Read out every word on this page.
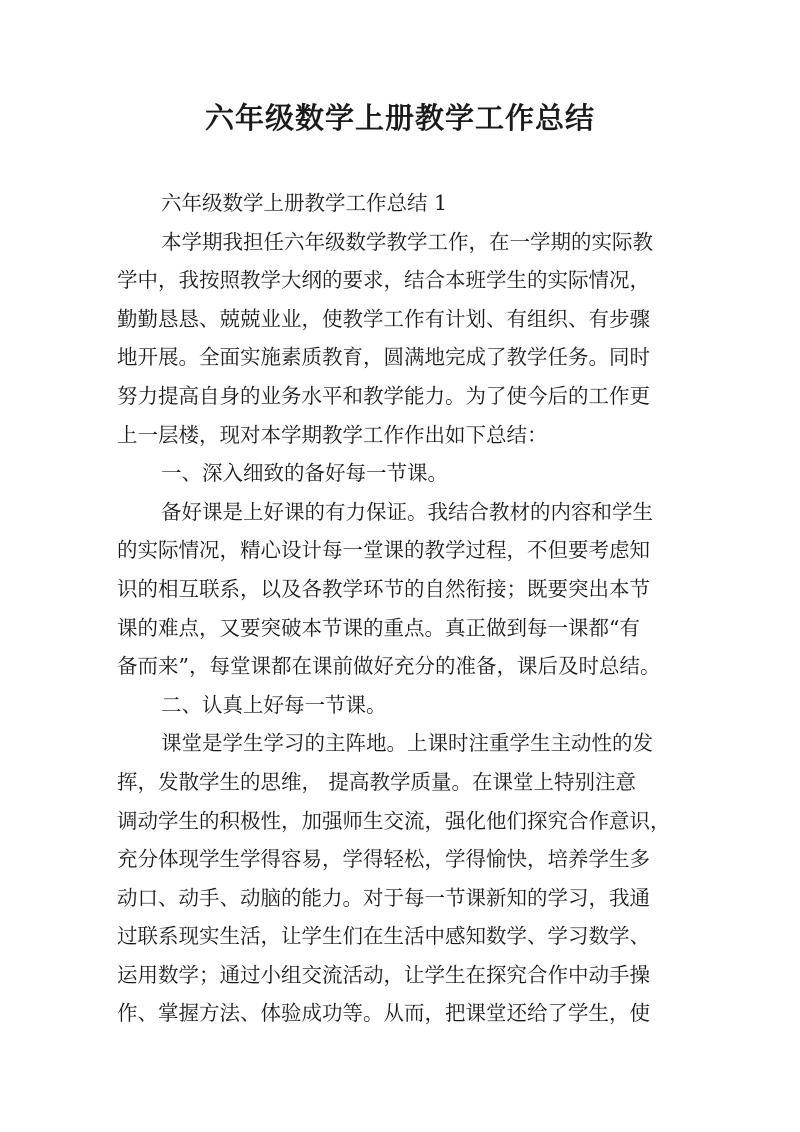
六年级数学上册教学工作总结
六年级数学上册教学工作总结 1
本学期我担任六年级数学教学工作，在一学期的实际教
学中，我按照教学大纲的要求，结合本班学生的实际情况，
勤勤恳恳、兢兢业业，使教学工作有计划、有组织、有步骤
地开展。全面实施素质教育，圆满地完成了教学任务。同时
努力提高自身的业务水平和教学能力。为了使今后的工作更
上一层楼，现对本学期教学工作作出如下总结：
一、深入细致的备好每一节课。
备好课是上好课的有力保证。我结合教材的内容和学生
的实际情况，精心设计每一堂课的教学过程，不但要考虑知
识的相互联系，以及各教学环节的自然衔接；既要突出本节
课的难点，又要突破本节课的重点。真正做到每一课都“有
备而来”，每堂课都在课前做好充分的准备，课后及时总结。
二、认真上好每一节课。
课堂是学生学习的主阵地。上课时注重学生主动性的发
挥，发散学生的思维， 提高教学质量。在课堂上特别注意
调动学生的积极性，加强师生交流，强化他们探究合作意识，
充分体现学生学得容易，学得轻松，学得愉快，培养学生多
动口、动手、动脑的能力。对于每一节课新知的学习，我通
过联系现实生活，让学生们在生活中感知数学、学习数学、
运用数学；通过小组交流活动，让学生在探究合作中动手操
作、掌握方法、体验成功等。从而，把课堂还给了学生，使
